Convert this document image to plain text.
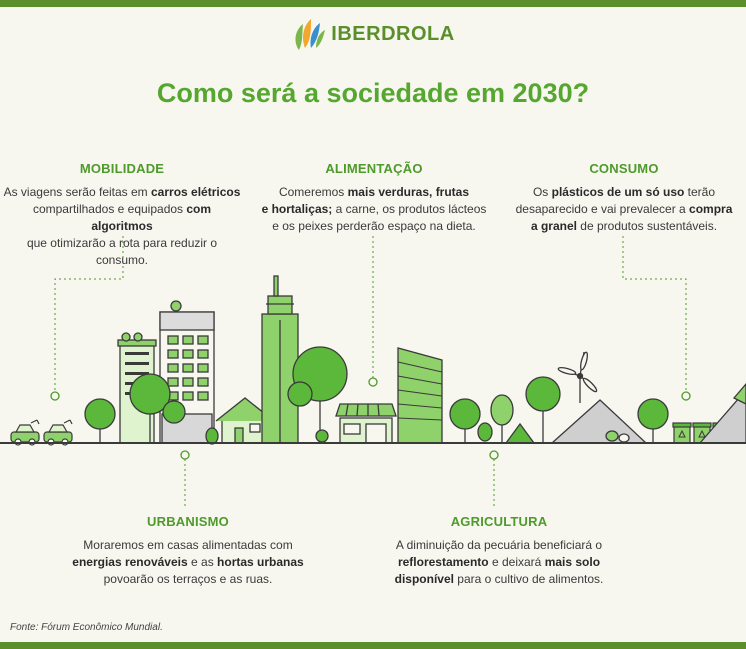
IBERDROLA
Como será a sociedade em 2030?
MOBILIDADE
As viagens serão feitas em carros elétricos
compartilhados e equipados com algoritmos
que otimizarão a rota para reduzir o consumo.
ALIMENTAÇÃO
Comeremos mais verduras, frutas
e hortaliças; a carne, os produtos lácteos
e os peixes perderão espaço na dieta.
CONSUMO
Os plásticos de um só uso terão
desaparecido e vai prevalecer a compra
a granel de produtos sustentáveis.
URBANISMO
Moraremos em casas alimentadas com
energias renováveis e as hortas urbanas
povoarão os terraços e as ruas.
AGRICULTURA
A diminuição da pecuária beneficiará o
reflorestamento e deixará mais solo
disponível para o cultivo de alimentos.
Fonte: Fórum Econômico Mundial.
